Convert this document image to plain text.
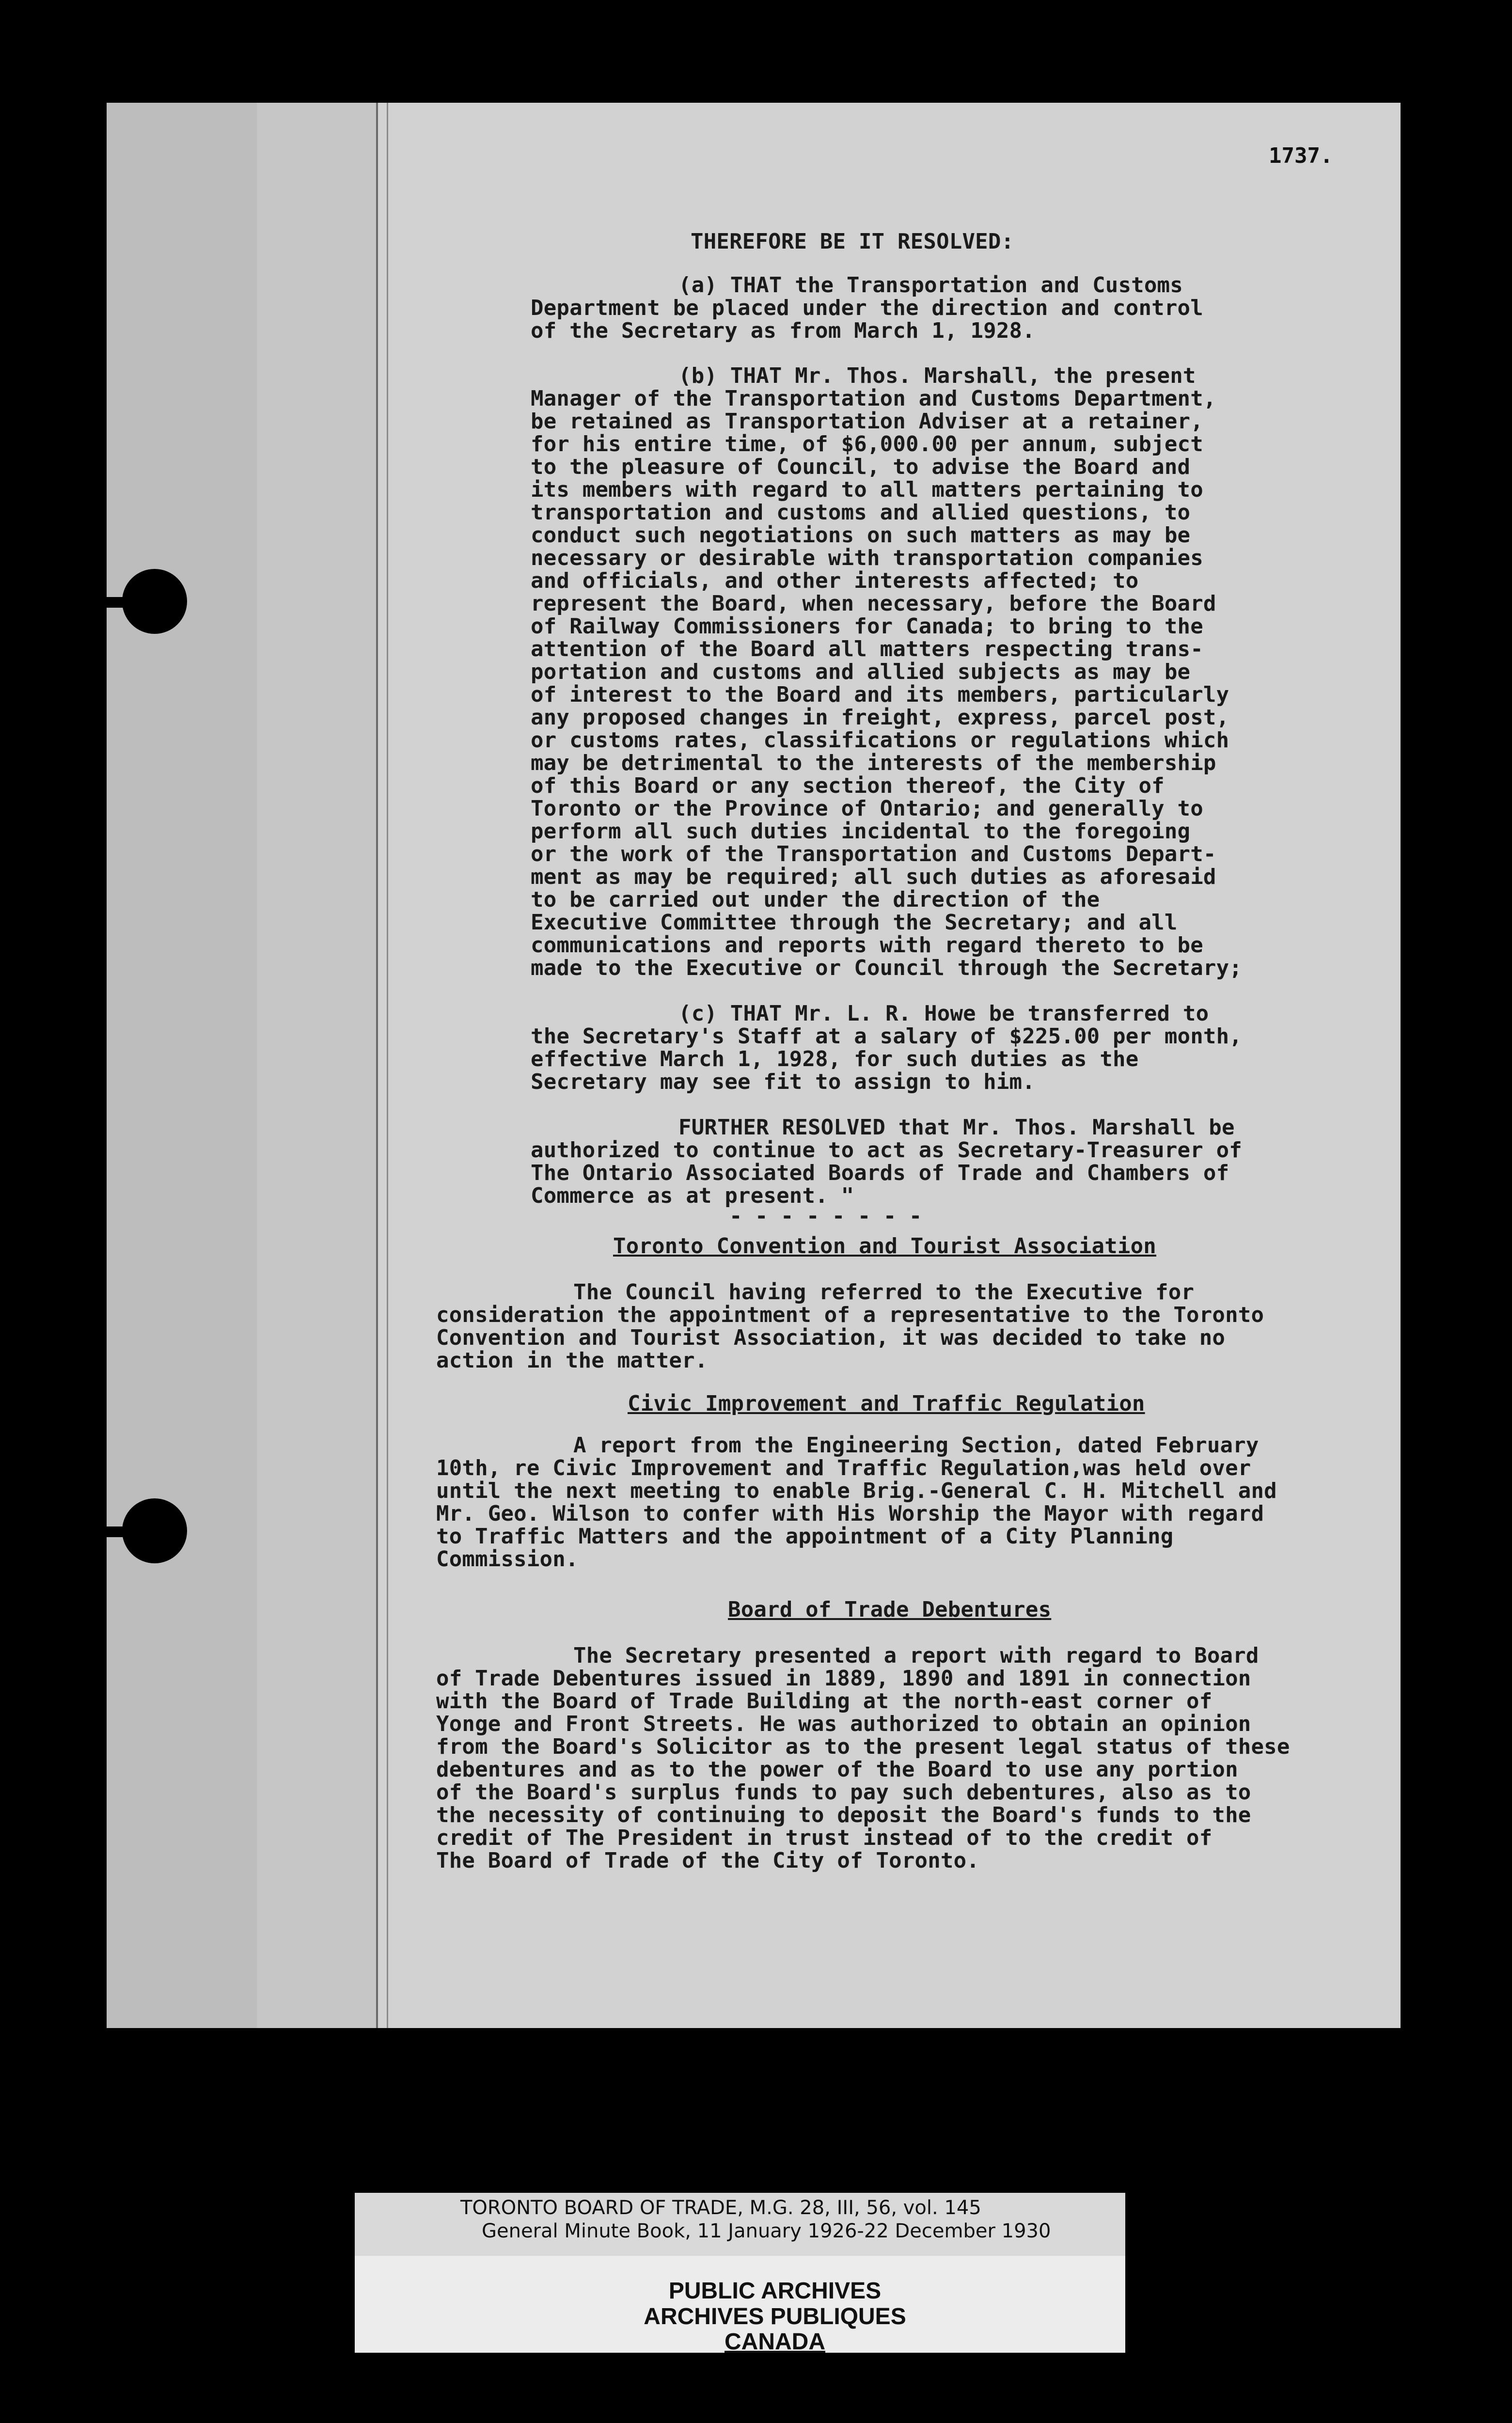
1737.
THEREFORE BE IT RESOLVED:
(a) THAT the Transportation and Customs
Department be placed under the direction and control
of the Secretary as from March 1, 1928.
(b) THAT Mr. Thos. Marshall, the present
Manager of the Transportation and Customs Department,
be retained as Transportation Adviser at a retainer,
for his entire time, of $6,000.00 per annum, subject
to the pleasure of Council, to advise the Board and
its members with regard to all matters pertaining to
transportation and customs and allied questions, to
conduct such negotiations on such matters as may be
necessary or desirable with transportation companies
and officials, and other interests affected; to
represent the Board, when necessary, before the Board
of Railway Commissioners for Canada; to bring to the
attention of the Board all matters respecting trans-
portation and customs and allied subjects as may be
of interest to the Board and its members, particularly
any proposed changes in freight, express, parcel post,
or customs rates, classifications or regulations which
may be detrimental to the interests of the membership
of this Board or any section thereof, the City of
Toronto or the Province of Ontario; and generally to
perform all such duties incidental to the foregoing
or the work of the Transportation and Customs Depart-
ment as may be required; all such duties as aforesaid
to be carried out under the direction of the
Executive Committee through the Secretary; and all
communications and reports with regard thereto to be
made to the Executive or Council through the Secretary;
(c) THAT Mr. L. R. Howe be transferred to
the Secretary's Staff at a salary of $225.00 per month,
effective March 1, 1928, for such duties as the
Secretary may see fit to assign to him.
FURTHER RESOLVED that Mr. Thos. Marshall be
authorized to continue to act as Secretary-Treasurer of
The Ontario Associated Boards of Trade and Chambers of
Commerce as at present. "
- - - - - - - -
Toronto Convention and Tourist Association
The Council having referred to the Executive for
consideration the appointment of a representative to the Toronto
Convention and Tourist Association, it was decided to take no
action in the matter.
Civic Improvement and Traffic Regulation
A report from the Engineering Section, dated February
10th, re Civic Improvement and Traffic Regulation,was held over
until the next meeting to enable Brig.-General C. H. Mitchell and
Mr. Geo. Wilson to confer with His Worship the Mayor with regard
to Traffic Matters and the appointment of a City Planning
Commission.
Board of Trade Debentures
The Secretary presented a report with regard to Board
of Trade Debentures issued in 1889, 1890 and 1891 in connection
with the Board of Trade Building at the north-east corner of
Yonge and Front Streets. He was authorized to obtain an opinion
from the Board's Solicitor as to the present legal status of these
debentures and as to the power of the Board to use any portion
of the Board's surplus funds to pay such debentures, also as to
the necessity of continuing to deposit the Board's funds to the
credit of The President in trust instead of to the credit of
The Board of Trade of the City of Toronto.
TORONTO BOARD OF TRADE, M.G. 28, III, 56, vol. 145
General Minute Book, 11 January 1926-22 December 1930
PUBLIC ARCHIVES
ARCHIVES PUBLIQUES
CANADA
